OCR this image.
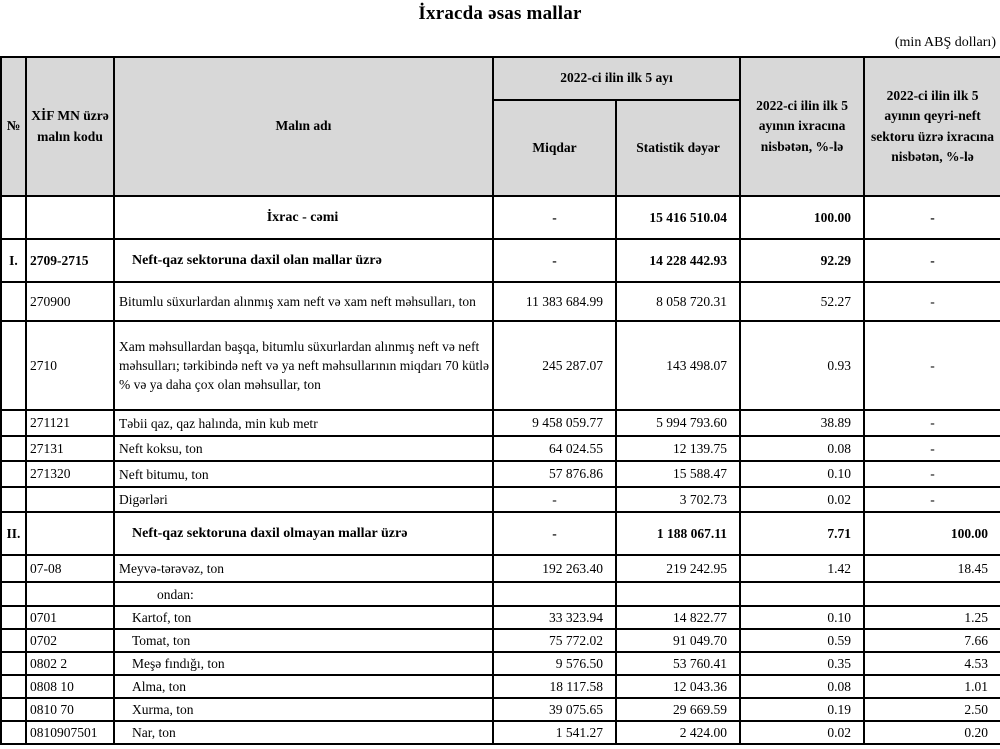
İxracda əsas mallar
(min ABŞ dolları)
№	XİF MN üzrə malın kodu	Malın adı	2022-ci ilin ilk 5 ayı		2022-ci ilin ilk 5 ayının ixracına nisbətən, %-lə	2022-ci ilin ilk 5 ayının qeyri-neft sektoru üzrə ixracına nisbətən, %-lə
			Miqdar	Statistik dəyər		
		İxrac - cəmi	-	15 416 510.04	100.00	-
I.	2709-2715	Neft-qaz sektoruna daxil olan mallar üzrə	-	14 228 442.93	92.29	-
	270900	Bitumlu süxurlardan alınmış xam neft və xam neft məhsulları, ton	11 383 684.99	8 058 720.31	52.27	-
	2710	Xam məhsullardan başqa, bitumlu süxurlardan alınmış neft və neft məhsulları; tərkibində neft və ya neft məhsullarının miqdarı 70 kütlə % və ya daha çox olan məhsullar, ton	245 287.07	143 498.07	0.93	-
	271121	Təbii qaz, qaz halında, min kub metr	9 458 059.77	5 994 793.60	38.89	-
	27131	Neft koksu, ton	64 024.55	12 139.75	0.08	-
	271320	Neft bitumu, ton	57 876.86	15 588.47	0.10	-
		Digərləri	-	3 702.73	0.02	-
II.		Neft-qaz sektoruna daxil olmayan mallar üzrə	-	1 188 067.11	7.71	100.00
	07-08	Meyvə-tərəvəz, ton	192 263.40	219 242.95	1.42	18.45
		ondan:				
	0701	Kartof, ton	33 323.94	14 822.77	0.10	1.25
	0702	Tomat, ton	75 772.02	91 049.70	0.59	7.66
	0802 2	Meşə fındığı, ton	9 576.50	53 760.41	0.35	4.53
	0808 10	Alma, ton	18 117.58	12 043.36	0.08	1.01
	0810 70	Xurma, ton	39 075.65	29 669.59	0.19	2.50
	0810907501	Nar, ton	1 541.27	2 424.00	0.02	0.20
